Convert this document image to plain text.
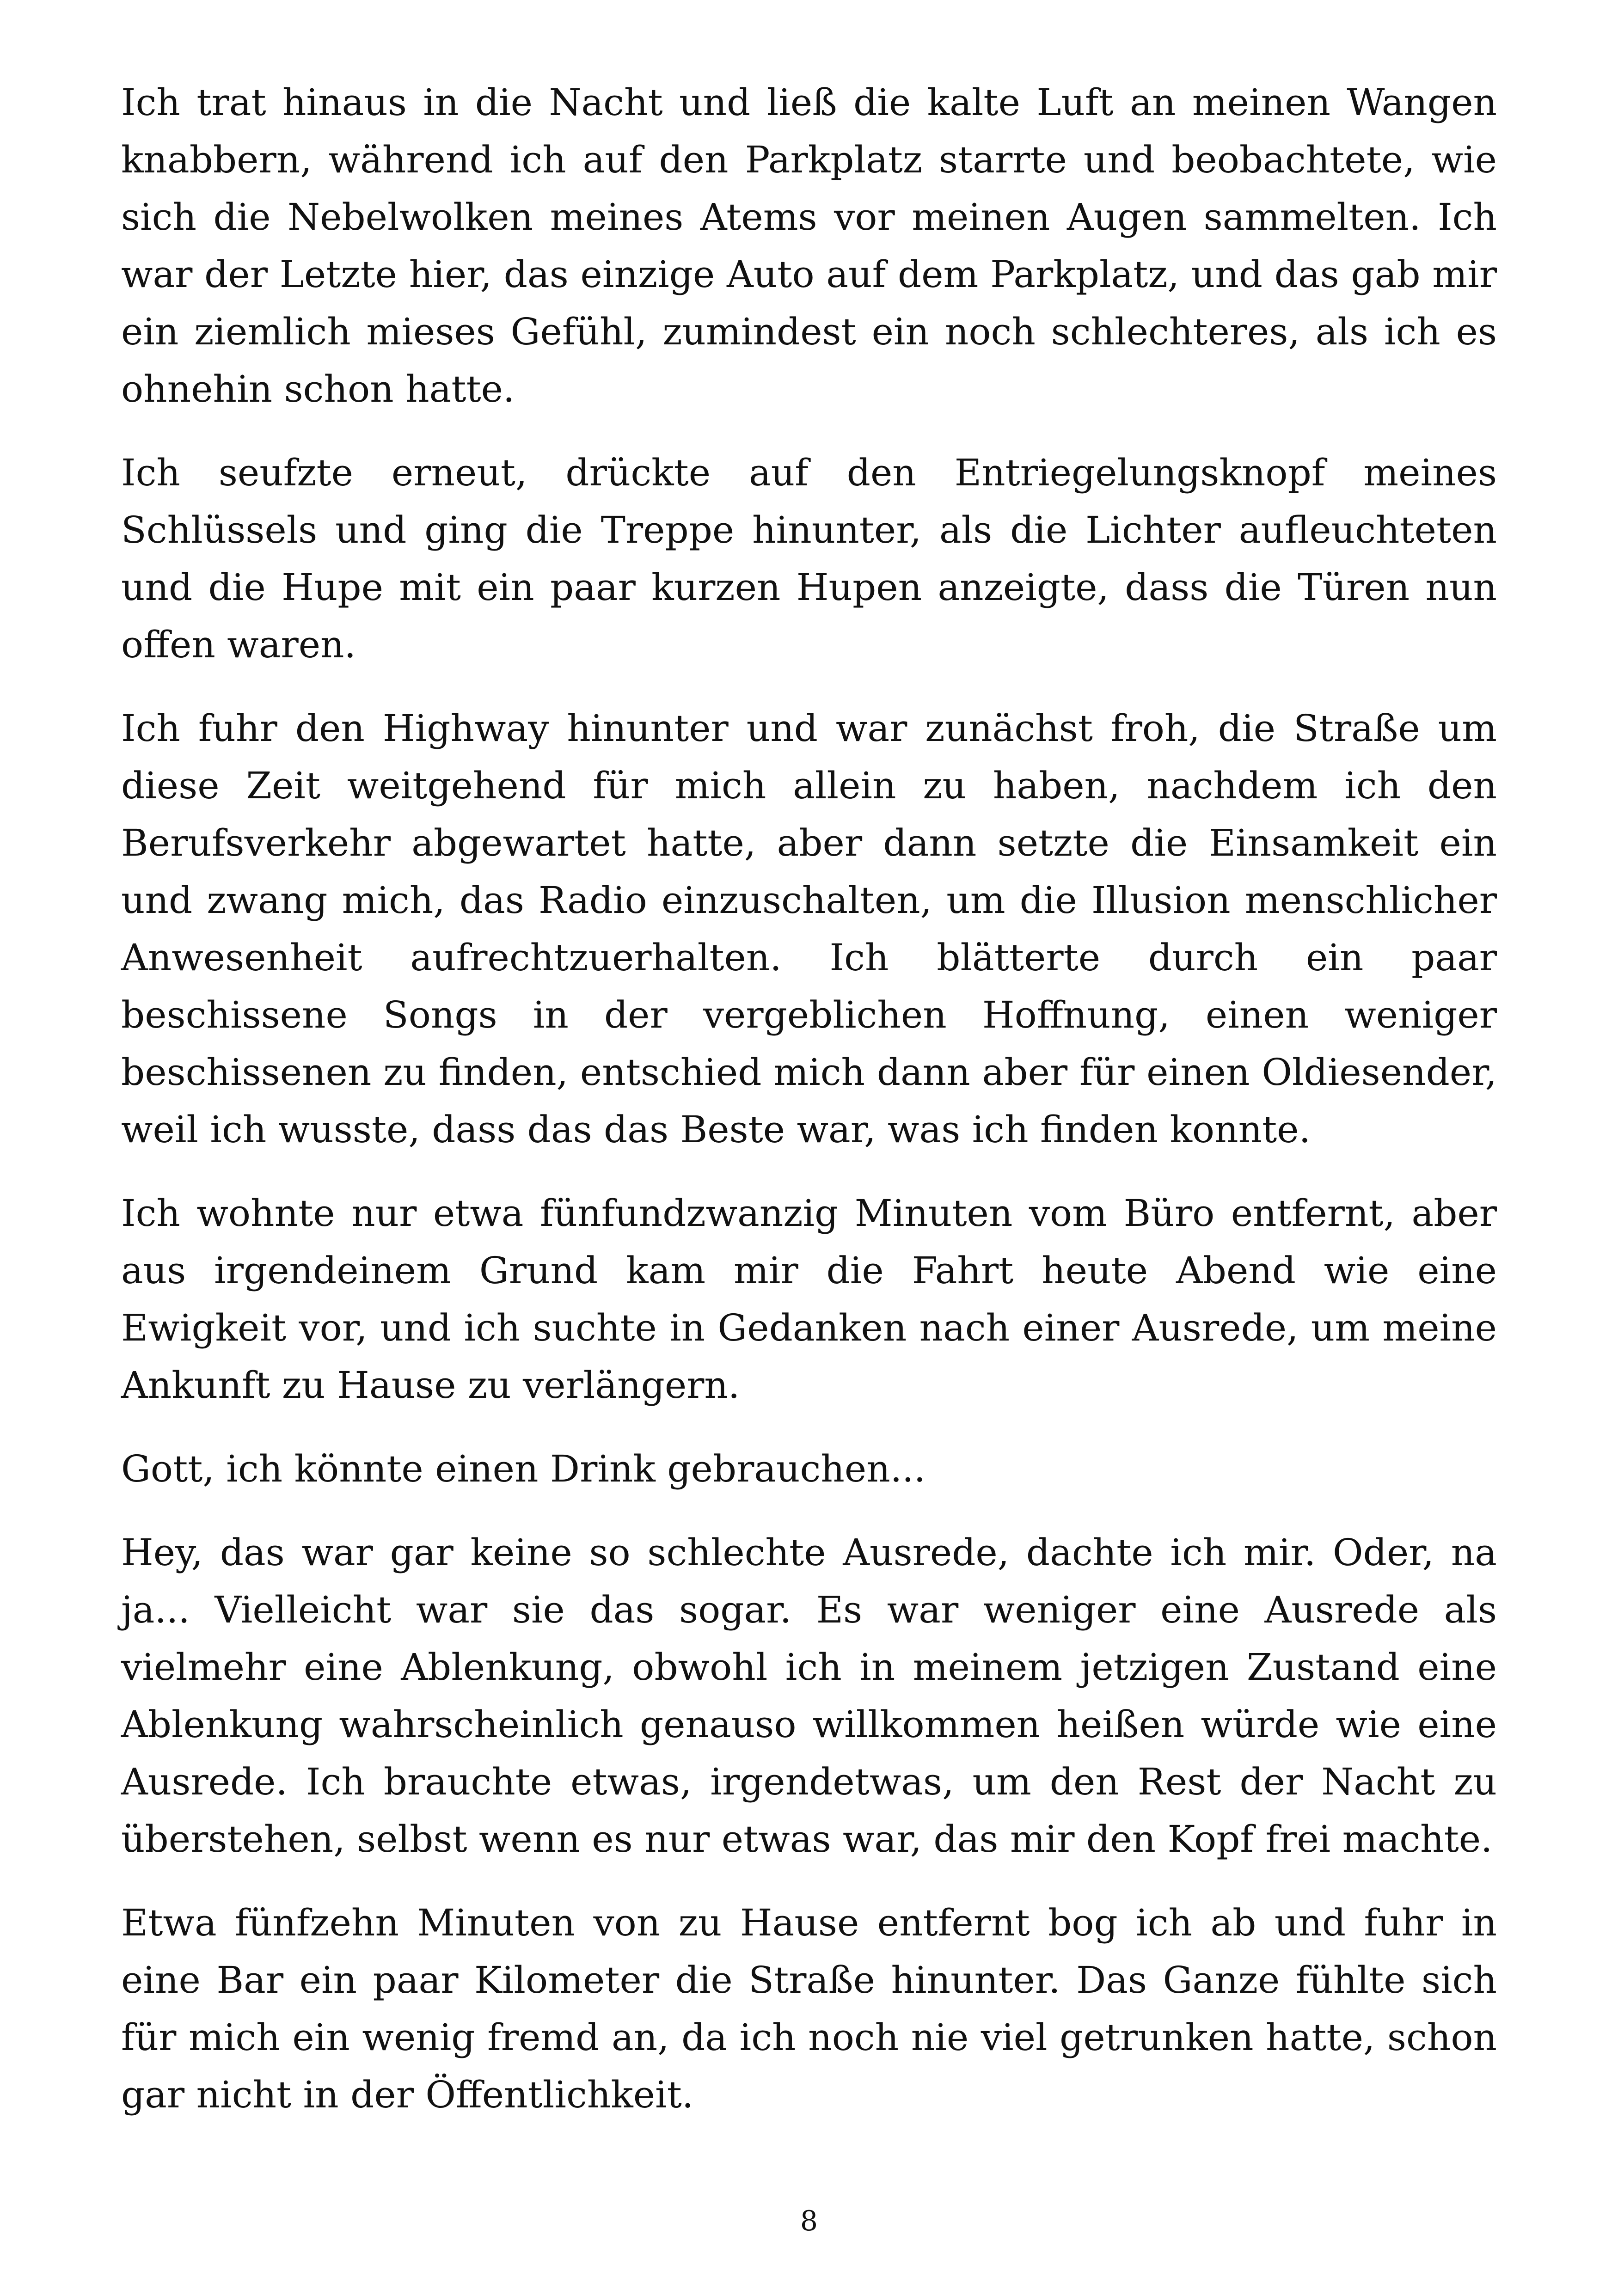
Ich trat hinaus in die Nacht und ließ die kalte Luft an meinen Wangen knabbern, während ich auf den Parkplatz starrte und beobachtete, wie sich die Nebelwolken meines Atems vor meinen Augen sammelten. Ich war der Letzte hier, das einzige Auto auf dem Parkplatz, und das gab mir ein ziemlich mieses Gefühl, zumindest ein noch schlechteres, als ich es ohnehin schon hatte.

Ich seufzte erneut, drückte auf den Entriegelungsknopf meines Schlüssels und ging die Treppe hinunter, als die Lichter aufleuchteten und die Hupe mit ein paar kurzen Hupen anzeigte, dass die Türen nun offen waren.

Ich fuhr den Highway hinunter und war zunächst froh, die Straße um diese Zeit weitgehend für mich allein zu haben, nachdem ich den Berufsverkehr abgewartet hatte, aber dann setzte die Einsamkeit ein und zwang mich, das Radio einzuschalten, um die Illusion menschlicher Anwesenheit aufrechtzuerhalten. Ich blätterte durch ein paar beschissene Songs in der vergeblichen Hoffnung, einen weniger beschissenen zu finden, entschied mich dann aber für einen Oldiesender, weil ich wusste, dass das das Beste war, was ich finden konnte.

Ich wohnte nur etwa fünfundzwanzig Minuten vom Büro entfernt, aber aus irgendeinem Grund kam mir die Fahrt heute Abend wie eine Ewigkeit vor, und ich suchte in Gedanken nach einer Ausrede, um meine Ankunft zu Hause zu verlängern.

Gott, ich könnte einen Drink gebrauchen...

Hey, das war gar keine so schlechte Ausrede, dachte ich mir. Oder, na ja... Vielleicht war sie das sogar. Es war weniger eine Ausrede als vielmehr eine Ablenkung, obwohl ich in meinem jetzigen Zustand eine Ablenkung wahrscheinlich genauso willkommen heißen würde wie eine Ausrede. Ich brauchte etwas, irgendetwas, um den Rest der Nacht zu überstehen, selbst wenn es nur etwas war, das mir den Kopf frei machte.

Etwa fünfzehn Minuten von zu Hause entfernt bog ich ab und fuhr in eine Bar ein paar Kilometer die Straße hinunter. Das Ganze fühlte sich für mich ein wenig fremd an, da ich noch nie viel getrunken hatte, schon gar nicht in der Öffentlichkeit.

8
